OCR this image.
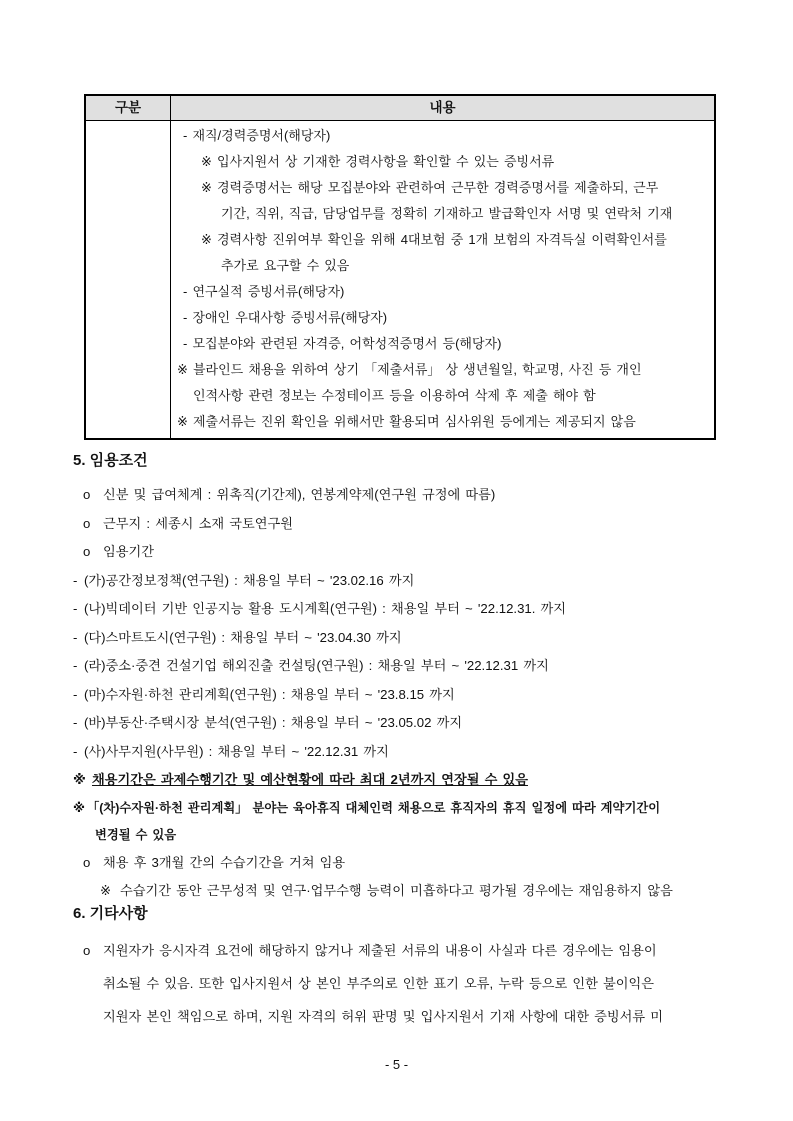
구분	내용
- 재직/경력증명서(해당자)
※ 입사지원서 상 기재한 경력사항을 확인할 수 있는 증빙서류
※ 경력증명서는 해당 모집분야와 관련하여 근무한 경력증명서를 제출하되, 근무
기간, 직위, 직급, 담당업무를 정확히 기재하고 발급확인자 서명 및 연락처 기재
※ 경력사항 진위여부 확인을 위해 4대보험 중 1개 보험의 자격득실 이력확인서를
추가로 요구할 수 있음
- 연구실적 증빙서류(해당자)
- 장애인 우대사항 증빙서류(해당자)
- 모집분야와 관련된 자격증, 어학성적증명서 등(해당자)
※ 블라인드 채용을 위하여 상기 「제출서류」 상 생년월일, 학교명, 사진 등 개인
인적사항 관련 정보는 수정테이프 등을 이용하여 삭제 후 제출 해야 함
※ 제출서류는 진위 확인을 위해서만 활용되며 심사위원 등에게는 제공되지 않음
5. 임용조건
o 신분 및 급여체계 : 위촉직(기간제), 연봉계약제(연구원 규정에 따름)
o 근무지 : 세종시 소재 국토연구원
o 임용기간
- (가)공간정보정책(연구원) : 채용일 부터 ~ '23.02.16 까지
- (나)빅데이터 기반 인공지능 활용 도시계획(연구원) : 채용일 부터 ~ '22.12.31. 까지
- (다)스마트도시(연구원) : 채용일 부터 ~ '23.04.30 까지
- (라)중소·중견 건설기업 해외진출 컨설팅(연구원) : 채용일 부터 ~ '22.12.31 까지
- (마)수자원·하천 관리계획(연구원) : 채용일 부터 ~ '23.8.15 까지
- (바)부동산·주택시장 분석(연구원) : 채용일 부터 ~ '23.05.02 까지
- (사)사무지원(사무원) : 채용일 부터 ~ '22.12.31 까지
※ 채용기간은 과제수행기간 및 예산현황에 따라 최대 2년까지 연장될 수 있음
※ 「(차)수자원·하천 관리계획」 분야는 육아휴직 대체인력 채용으로 휴직자의 휴직 일정에 따라 계약기간이
변경될 수 있음
o 채용 후 3개월 간의 수습기간을 거쳐 임용
※ 수습기간 동안 근무성적 및 연구·업무수행 능력이 미흡하다고 평가될 경우에는 재임용하지 않음
6. 기타사항
o 지원자가 응시자격 요건에 해당하지 않거나 제출된 서류의 내용이 사실과 다른 경우에는 임용이
취소될 수 있음. 또한 입사지원서 상 본인 부주의로 인한 표기 오류, 누락 등으로 인한 불이익은
지원자 본인 책임으로 하며, 지원 자격의 허위 판명 및 입사지원서 기재 사항에 대한 증빙서류 미
- 5 -
